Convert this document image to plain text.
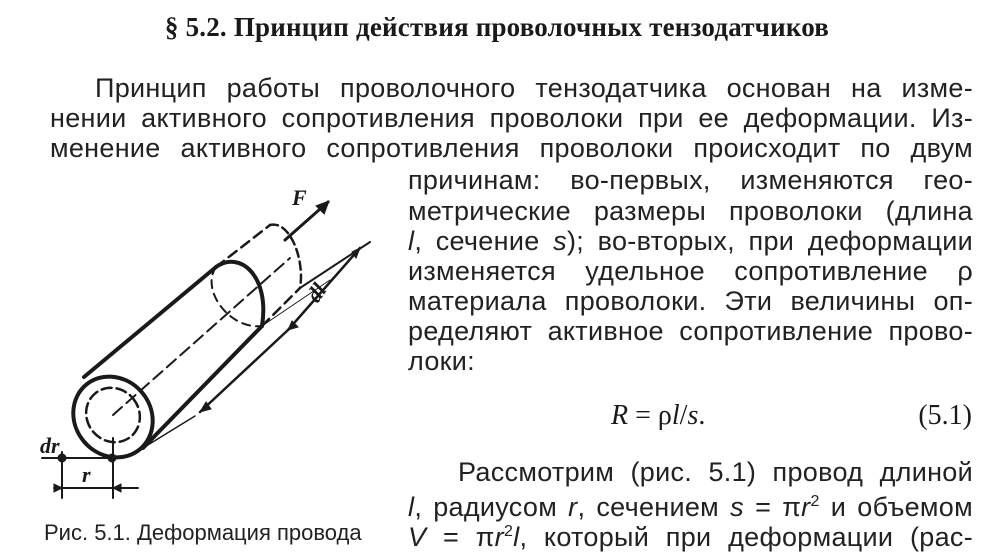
§ 5.2. Принцип действия проволочных тензодатчиков
Принцип работы проволочного тензодатчика основан на изме-
нении активного сопротивления проволоки при ее деформации. Из-
менение активного сопротивления проволоки происходит по двум
причинам: во-первых, изменяются гео-
метрические размеры проволоки (длина
l, сечение s); во-вторых, при деформации
изменяется удельное сопротивление ρ
материала проволоки. Эти величины оп-
ределяют активное сопротивление прово-
локи:
R = ρl/s.	(5.1)
Рассмотрим (рис. 5.1) провод длиной
l, радиусом r, сечением $s = \pi r^2$ и объемом
$V = \pi r^2l$, который при деформации (рас-
F
dl
dr
r
Рис. 5.1. Деформация провода
